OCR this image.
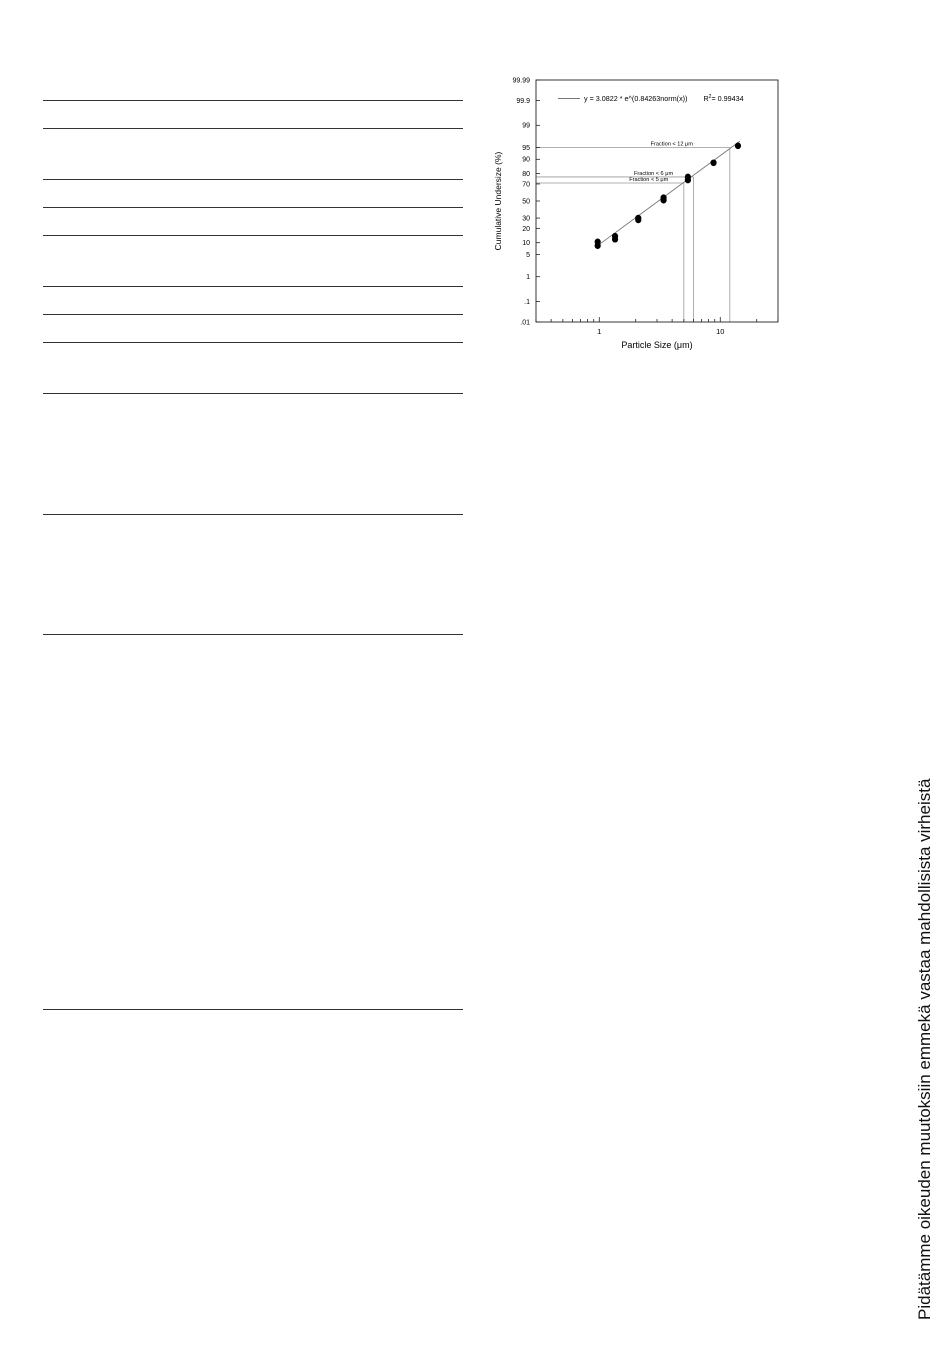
.01
.1
1
5
10
20
30
50
70
80
90
95
99
99.9
99.99
1	10
Fraction < 12 μm
Fraction < 6 μm
Fraction < 5 μm
y = 3.0822 * e^(0.84263norm(x)) $R^2= 0.99434$
Particle Size (μm)
Cumulative Undersize (%)
Pidätämme oikeuden muutoksiin emmekä vastaa mahdollisista virheistä
